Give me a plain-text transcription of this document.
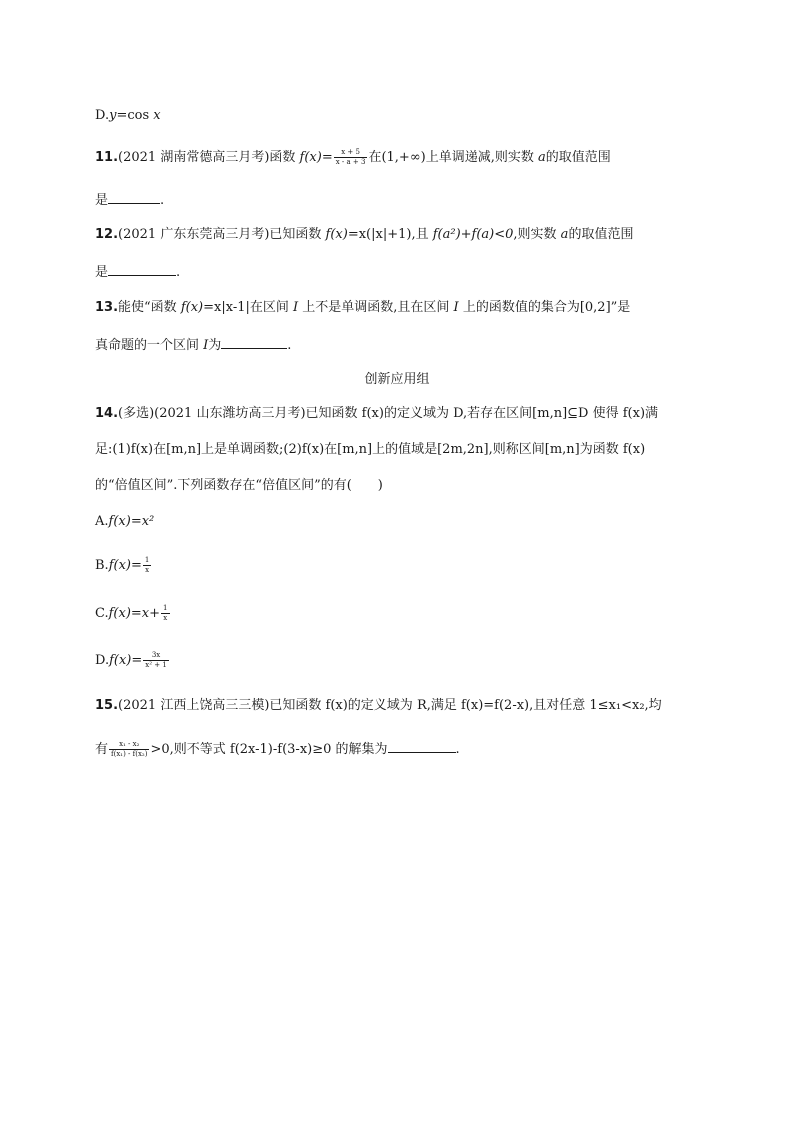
D.y=cos x
11.(2021 湖南常德高三月考)函数 $f(x)= \frac{x + 5}{x - a + 3}$ 在(1,+∞)上单调递减,则实数 a的取值范围
是	.
12.(2021 广东东莞高三月考)已知函数 f(x)=x(|x|+1),且 f(a²)+f(a)<0,则实数 a的取值范围
是	.
13.能使“函数 f(x)=x|x-1|在区间 I 上不是单调函数,且在区间 I 上的函数值的集合为[0,2]”是
真命题的一个区间 I为	.
创新应用组
14.(多选)(2021 山东潍坊高三月考)已知函数 f(x)的定义域为 D,若存在区间[m,n]⊆D 使得 f(x)满
足:(1)f(x)在[m,n]上是单调函数;(2)f(x)在[m,n]上的值域是[2m,2n],则称区间[m,n]为函数 f(x)
的“倍值区间”.下列函数存在“倍值区间”的有(　　)
A.f(x)=x²
$B.f(x)= \frac{1}{x}$
$C.f(x)=x+ \frac{1}{x}$
$D.f(x)= \frac{3x}{\text{x² + 1}}$
15.(2021 江西上饶高三三模)已知函数 f(x)的定义域为 R,满足 f(x)=f(2-x),且对任意 1≤x₁<x₂,均
有 $\frac{\text{x₁ - x₂}}{\text{f(x₁) - f(x₂)}} >0$,则不等式 f(2x-1)-f(3-x)≥0 的解集为	.
